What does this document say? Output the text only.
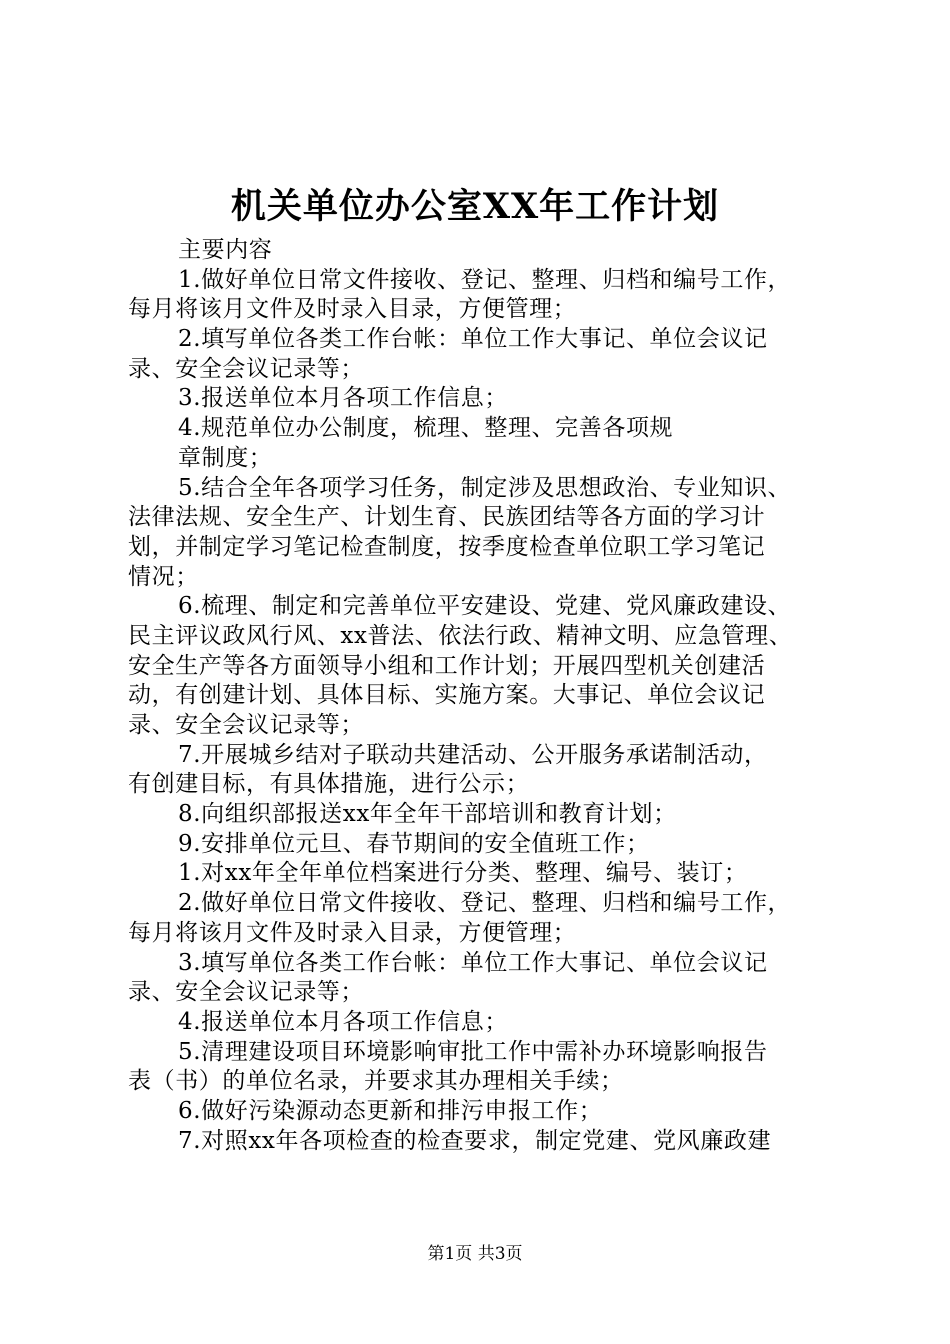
机关单位办公室XX年工作计划
主要内容
1.做好单位日常文件接收、登记、整理、归档和编号工作，
每月将该月文件及时录入目录，方便管理；
2.填写单位各类工作台帐：单位工作大事记、单位会议记
录、安全会议记录等；
3.报送单位本月各项工作信息；
4.规范单位办公制度，梳理、整理、完善各项规
章制度；
5.结合全年各项学习任务，制定涉及思想政治、专业知识、
法律法规、安全生产、计划生育、民族团结等各方面的学习计
划，并制定学习笔记检查制度，按季度检查单位职工学习笔记
情况；
6.梳理、制定和完善单位平安建设、党建、党风廉政建设、
民主评议政风行风、xx普法、依法行政、精神文明、应急管理、
安全生产等各方面领导小组和工作计划；开展四型机关创建活
动，有创建计划、具体目标、实施方案。大事记、单位会议记
录、安全会议记录等；
7.开展城乡结对子联动共建活动、公开服务承诺制活动，
有创建目标，有具体措施，进行公示；
8.向组织部报送xx年全年干部培训和教育计划；
9.安排单位元旦、春节期间的安全值班工作；
1.对xx年全年单位档案进行分类、整理、编号、装订；
2.做好单位日常文件接收、登记、整理、归档和编号工作，
每月将该月文件及时录入目录，方便管理；
3.填写单位各类工作台帐：单位工作大事记、单位会议记
录、安全会议记录等；
4.报送单位本月各项工作信息；
5.清理建设项目环境影响审批工作中需补办环境影响报告
表（书）的单位名录，并要求其办理相关手续；
6.做好污染源动态更新和排污申报工作；
7.对照xx年各项检查的检查要求，制定党建、党风廉政建
第1页 共3页
